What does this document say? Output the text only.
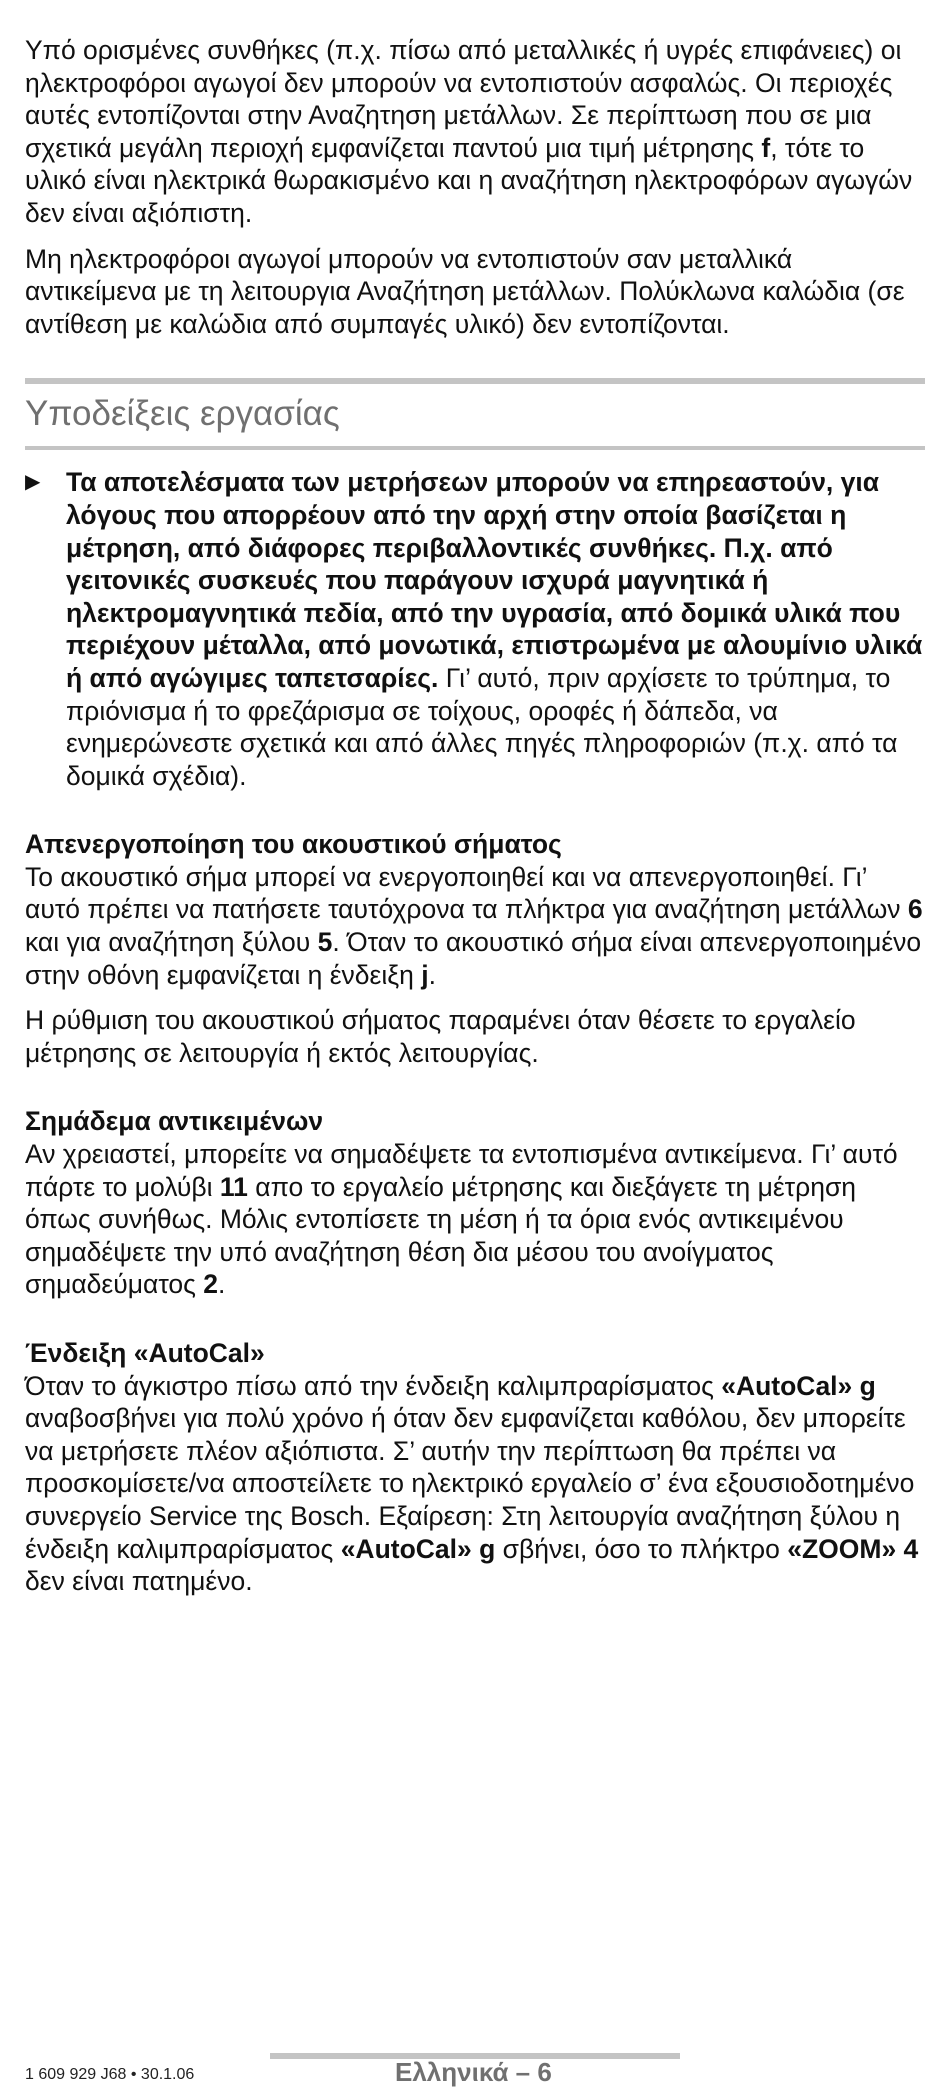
Υπό ορισμένες συνθήκες (π.χ. πίσω από μεταλλικές ή υγρές επιφάνειες) οι ηλεκτροφόροι αγωγοί δεν μπορούν να εντοπιστούν ασφαλώς. Οι περιοχές αυτές εντοπίζονται στην Αναζητηση μετάλλων. Σε περίπτωση που σε μια σχετικά μεγάλη περιοχή εμφανίζεται παντού μια τιμή μέτρησης f, τότε το υλικό είναι ηλεκτρικά θωρακισμένο και η αναζήτηση ηλεκτροφόρων αγωγών δεν είναι αξιόπιστη.

Μη ηλεκτροφόροι αγωγοί μπορούν να εντοπιστούν σαν μεταλλικά αντικείμενα με τη λειτουργια Αναζήτηση μετάλλων. Πολύκλωνα καλώδια (σε αντίθεση με καλώδια από συμπαγές υλικό) δεν εντοπίζονται.

Υποδείξεις εργασίας
▶ Τα αποτελέσματα των μετρήσεων μπορούν να επηρεαστούν, για λόγους που απορρέουν από την αρχή στην οποία βασίζεται η μέτρηση, από διάφορες περιβαλλοντικές συνθήκες. Π.χ. από γειτονικές συσκευές που παράγουν ισχυρά μαγνητικά ή ηλεκτρομαγνητικά πεδία, από την υγρασία, από δομικά υλικά που περιέχουν μέταλλα, από μονωτικά, επιστρωμένα με αλουμίνιο υλικά ή από αγώγιμες ταπετσαρίες. Γι’ αυτό, πριν αρχίσετε το τρύπημα, το πριόνισμα ή το φρεζάρισμα σε τοίχους, οροφές ή δάπεδα, να ενημερώνεστε σχετικά και από άλλες πηγές πληροφοριών (π.χ. από τα δομικά σχέδια).
Απενεργοποίηση του ακουστικού σήματος

Το ακουστικό σήμα μπορεί να ενεργοποιηθεί και να απενεργοποιηθεί. Γι’ αυτό πρέπει να πατήσετε ταυτόχρονα τα πλήκτρα για αναζήτηση μετάλλων 6 και για αναζήτηση ξύλου 5. Όταν το ακουστικό σήμα είναι απενεργοποιημένο στην οθόνη εμφανίζεται η ένδειξη j.

Η ρύθμιση του ακουστικού σήματος παραμένει όταν θέσετε το εργαλείο μέτρησης σε λειτουργία ή εκτός λειτουργίας.

Σημάδεμα αντικειμένων

Αν χρειαστεί, μπορείτε να σημαδέψετε τα εντοπισμένα αντικείμενα. Γι’ αυτό πάρτε το μολύβι 11 απο το εργαλείο μέτρησης και διεξάγετε τη μέτρηση όπως συνήθως. Μόλις εντοπίσετε τη μέση ή τα όρια ενός αντικειμένου σημαδέψετε την υπό αναζήτηση θέση δια μέσου του ανοίγματος σημαδεύματος 2.

Ένδειξη «AutoCal»

Όταν το άγκιστρο πίσω από την ένδειξη καλιμπραρίσματος «AutoCal» g αναβοσβήνει για πολύ χρόνο ή όταν δεν εμφανίζεται καθόλου, δεν μπορείτε να μετρήσετε πλέον αξιόπιστα. Σ’ αυτήν την περίπτωση θα πρέπει να προσκομίσετε/να αποστείλετε το ηλεκτρικό εργαλείο σ’ ένα εξουσιοδοτημένο συνεργείο Service της Bosch. Εξαίρεση: Στη λειτουργία αναζήτηση ξύλου η ένδειξη καλιμπραρίσματος «AutoCal» g σβήνει, όσο το πλήκτρο «ZOOM» 4 δεν είναι πατημένο.

1 609 929 J68 • 30.1.06	Ελληνικά – 6
